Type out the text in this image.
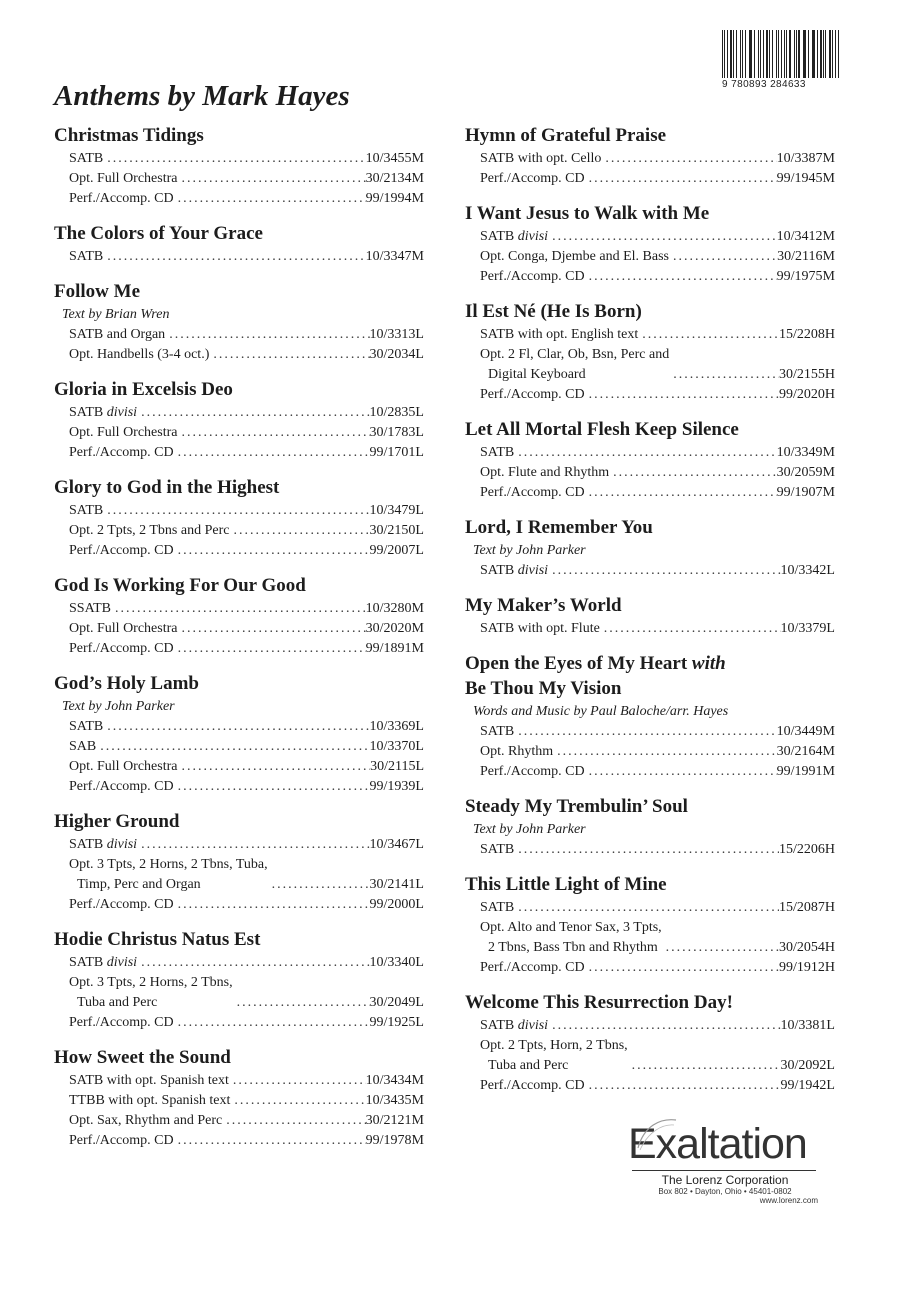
9 780893 284633
Anthems by Mark Hayes
Christmas Tidings
SATB .....	10/3455M
Opt. Full Orchestra .....	30/2134M
Perf./Accomp. CD .....	99/1994M
The Colors of Your Grace
SATB .....	10/3347M
Follow Me
Text by Brian Wren
SATB and Organ .....	10/3313L
Opt. Handbells (3-4 oct.) .....	30/2034L
Gloria in Excelsis Deo
SATB divisi .....	10/2835L
Opt. Full Orchestra .....	30/1783L
Perf./Accomp. CD .....	99/1701L
Glory to God in the Highest
SATB .....	10/3479L
Opt. 2 Tpts, 2 Tbns and Perc .....	30/2150L
Perf./Accomp. CD .....	99/2007L
God Is Working For Our Good
SSATB .....	10/3280M
Opt. Full Orchestra .....	30/2020M
Perf./Accomp. CD .....	99/1891M
God’s Holy Lamb
Text by John Parker
SATB .....	10/3369L
SAB .....	10/3370L
Opt. Full Orchestra .....	30/2115L
Perf./Accomp. CD .....	99/1939L
Higher Ground
SATB divisi .....	10/3467L
Opt. 3 Tpts, 2 Horns, 2 Tbns, Tuba,
Timp, Perc and Organ .....	30/2141L
Perf./Accomp. CD .....	99/2000L
Hodie Christus Natus Est
SATB divisi .....	10/3340L
Opt. 3 Tpts, 2 Horns, 2 Tbns,
Tuba and Perc .....	30/2049L
Perf./Accomp. CD .....	99/1925L
How Sweet the Sound
SATB with opt. Spanish text .....	10/3434M
TTBB with opt. Spanish text .....	10/3435M
Opt. Sax, Rhythm and Perc .....	30/2121M
Perf./Accomp. CD .....	99/1978M
Hymn of Grateful Praise
SATB with opt. Cello .....	10/3387M
Perf./Accomp. CD .....	99/1945M
I Want Jesus to Walk with Me
SATB divisi .....	10/3412M
Opt. Conga, Djembe and El. Bass .....	30/2116M
Perf./Accomp. CD .....	99/1975M
Il Est Né (He Is Born)
SATB with opt. English text .....	15/2208H
Opt. 2 Fl, Clar, Ob, Bsn, Perc and
Digital Keyboard .....	30/2155H
Perf./Accomp. CD .....	99/2020H
Let All Mortal Flesh Keep Silence
SATB .....	10/3349M
Opt. Flute and Rhythm .....	30/2059M
Perf./Accomp. CD .....	99/1907M
Lord, I Remember You
Text by John Parker
SATB divisi .....	10/3342L
My Maker’s World
SATB with opt. Flute .....	10/3379L
Open the Eyes of My Heart with
Be Thou My Vision
Words and Music by Paul Baloche/arr. Hayes
SATB .....	10/3449M
Opt. Rhythm .....	30/2164M
Perf./Accomp. CD .....	99/1991M
Steady My Trembulin’ Soul
Text by John Parker
SATB .....	15/2206H
This Little Light of Mine
SATB .....	15/2087H
Opt. Alto and Tenor Sax, 3 Tpts,
2 Tbns, Bass Tbn and Rhythm .....	30/2054H
Perf./Accomp. CD .....	99/1912H
Welcome This Resurrection Day!
SATB divisi .....	10/3381L
Opt. 2 Tpts, Horn, 2 Tbns,
Tuba and Perc .....	30/2092L
Perf./Accomp. CD .....	99/1942L
Exaltation
The Lorenz Corporation
Box 802 • Dayton, Ohio • 45401-0802
www.lorenz.com
